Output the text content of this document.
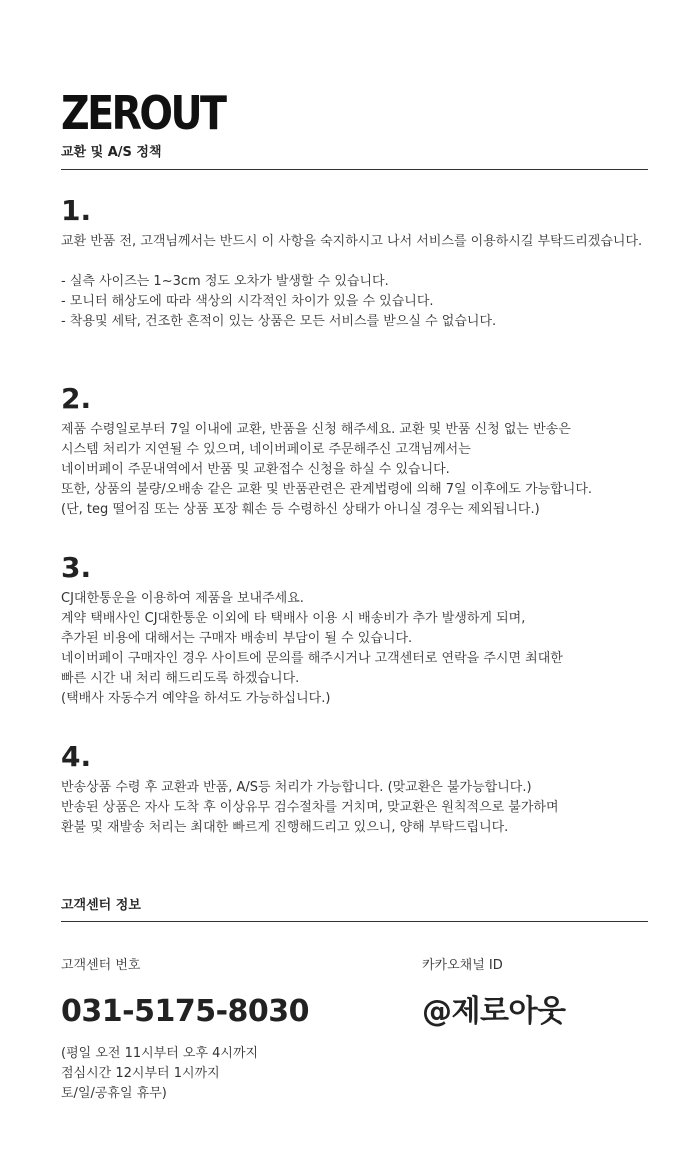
ZEROUT
교환 및 A/S 정책
1.
교환 반품 전, 고객님께서는 반드시 이 사항을 숙지하시고 나서 서비스를 이용하시길 부탁드리겠습니다.
- 실측 사이즈는 1~3cm 정도 오차가 발생할 수 있습니다.
- 모니터 해상도에 따라 색상의 시각적인 차이가 있을 수 있습니다.
- 착용및 세탁, 건조한 흔적이 있는 상품은 모든 서비스를 받으실 수 없습니다.
2.
제품 수령일로부터 7일 이내에 교환, 반품을 신청 해주세요. 교환 및 반품 신청 없는 반송은
시스템 처리가 지연될 수 있으며, 네이버페이로 주문해주신 고객님께서는
네이버페이 주문내역에서 반품 및 교환접수 신청을 하실 수 있습니다.
또한, 상품의 불량/오배송 같은 교환 및 반품관련은 관계법령에 의해 7일 이후에도 가능합니다.
(단, teg 떨어짐 또는 상품 포장 훼손 등 수령하신 상태가 아니실 경우는 제외됩니다.)
3.
CJ대한통운을 이용하여 제품을 보내주세요.
계약 택배사인 CJ대한통운 이외에 타 택배사 이용 시 배송비가 추가 발생하게 되며,
추가된 비용에 대해서는 구매자 배송비 부담이 될 수 있습니다.
네이버페이 구매자인 경우 사이트에 문의를 해주시거나 고객센터로 연락을 주시면 최대한
빠른 시간 내 처리 해드리도록 하겠습니다.
(택배사 자동수거 예약을 하셔도 가능하십니다.)
4.
반송상품 수령 후 교환과 반품, A/S등 처리가 가능합니다. (맞교환은 불가능합니다.)
반송된 상품은 자사 도착 후 이상유무 검수절차를 거치며, 맞교환은 원칙적으로 불가하며
환불 및 재발송 처리는 최대한 빠르게 진행해드리고 있으니, 양해 부탁드립니다.
고객센터 정보
고객센터 번호
031-5175-8030
(평일 오전 11시부터 오후 4시까지
점심시간 12시부터 1시까지
토/일/공휴일 휴무)
카카오채널 ID
@제로아웃
